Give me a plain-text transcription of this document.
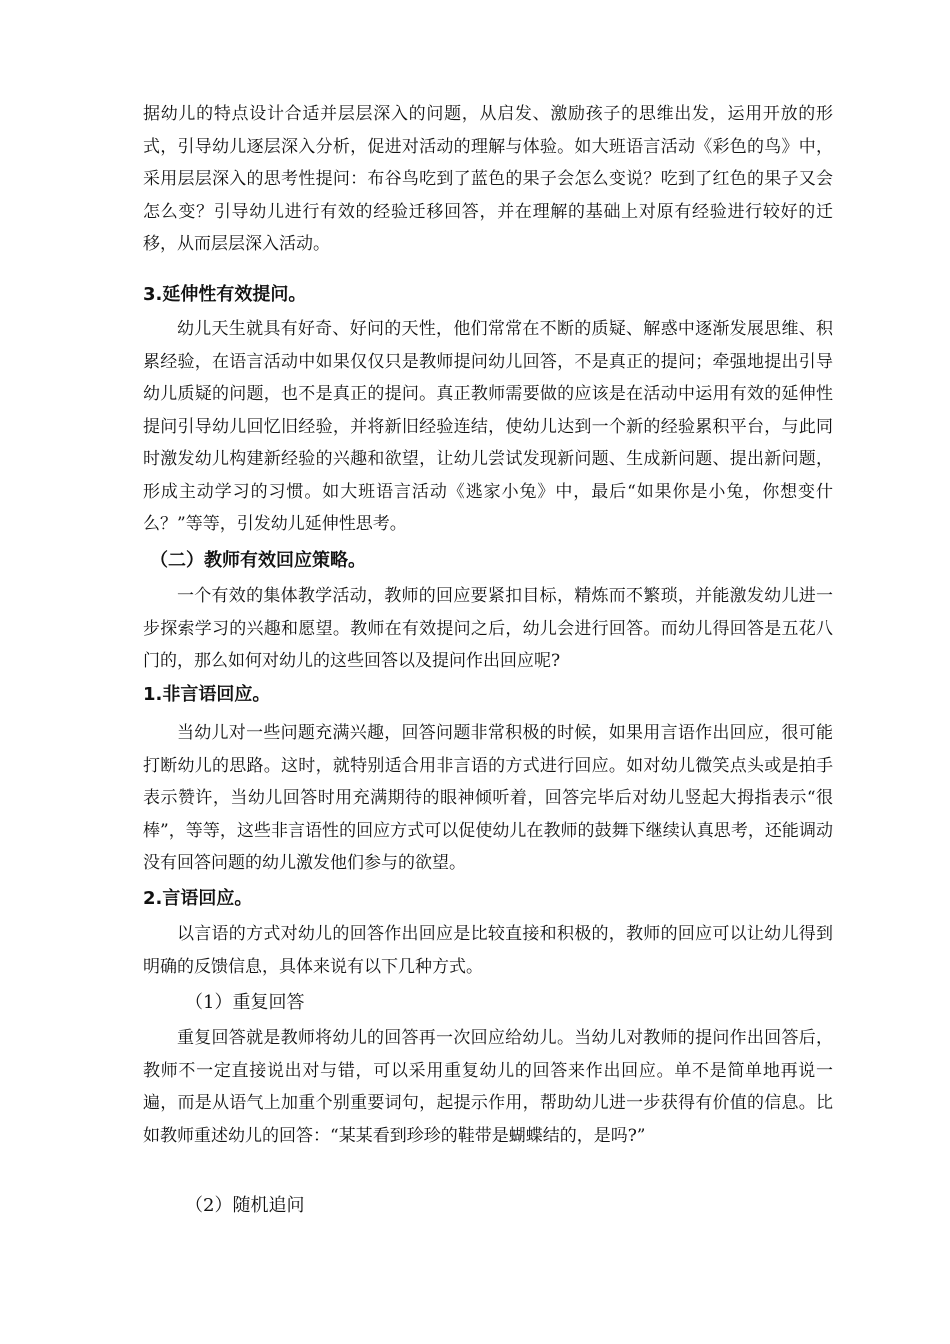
据幼儿的特点设计合适并层层深入的问题，从启发、激励孩子的思维出发，运用开放的形式，引导幼儿逐层深入分析，促进对活动的理解与体验。如大班语言活动《彩色的鸟》中，采用层层深入的思考性提问：布谷鸟吃到了蓝色的果子会怎么变说？吃到了红色的果子又会怎么变？引导幼儿进行有效的经验迁移回答，并在理解的基础上对原有经验进行较好的迁移，从而层层深入活动。

3.延伸性有效提问。

幼儿天生就具有好奇、好问的天性，他们常常在不断的质疑、解惑中逐渐发展思维、积累经验，在语言活动中如果仅仅只是教师提问幼儿回答，不是真正的提问；牵强地提出引导幼儿质疑的问题，也不是真正的提问。真正教师需要做的应该是在活动中运用有效的延伸性提问引导幼儿回忆旧经验，并将新旧经验连结，使幼儿达到一个新的经验累积平台，与此同时激发幼儿构建新经验的兴趣和欲望，让幼儿尝试发现新问题、生成新问题、提出新问题，形成主动学习的习惯。如大班语言活动《逃家小兔》中，最后“如果你是小兔，你想变什么？”等等，引发幼儿延伸性思考。

（二）教师有效回应策略。

一个有效的集体教学活动，教师的回应要紧扣目标，精炼而不繁琐，并能激发幼儿进一步探索学习的兴趣和愿望。教师在有效提问之后，幼儿会进行回答。而幼儿得回答是五花八门的，那么如何对幼儿的这些回答以及提问作出回应呢?

1.非言语回应。

当幼儿对一些问题充满兴趣，回答问题非常积极的时候，如果用言语作出回应，很可能打断幼儿的思路。这时，就特别适合用非言语的方式进行回应。如对幼儿微笑点头或是拍手表示赞许，当幼儿回答时用充满期待的眼神倾听着，回答完毕后对幼儿竖起大拇指表示“很棒”，等等，这些非言语性的回应方式可以促使幼儿在教师的鼓舞下继续认真思考，还能调动没有回答问题的幼儿激发他们参与的欲望。

2.言语回应。

以言语的方式对幼儿的回答作出回应是比较直接和积极的，教师的回应可以让幼儿得到明确的反馈信息，具体来说有以下几种方式。

（1）重复回答

重复回答就是教师将幼儿的回答再一次回应给幼儿。当幼儿对教师的提问作出回答后，教师不一定直接说出对与错，可以采用重复幼儿的回答来作出回应。单不是简单地再说一遍，而是从语气上加重个别重要词句，起提示作用，帮助幼儿进一步获得有价值的信息。比如教师重述幼儿的回答：“某某看到珍珍的鞋带是蝴蝶结的，是吗?”

（2）随机追问
